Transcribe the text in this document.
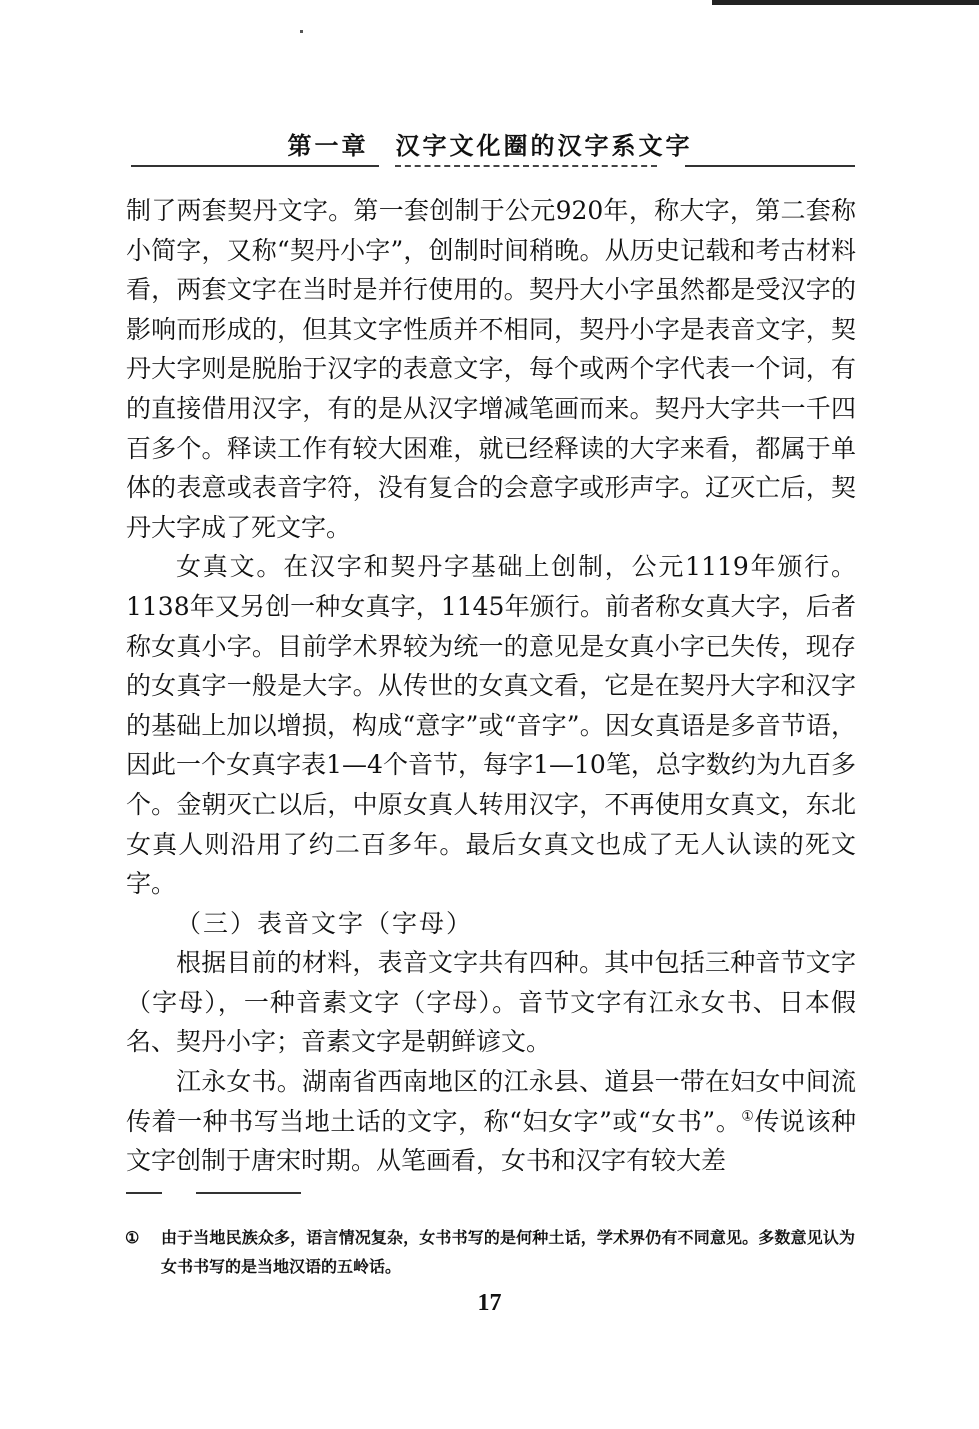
第一章　汉字文化圈的汉字系文字

制了两套契丹文字。第一套创制于公元920年，称大字，第二套称小简字，又称“契丹小字”，创制时间稍晚。从历史记载和考古材料看，两套文字在当时是并行使用的。契丹大小字虽然都是受汉字的影响而形成的，但其文字性质并不相同，契丹小字是表音文字，契丹大字则是脱胎于汉字的表意文字，每个或两个字代表一个词，有的直接借用汉字，有的是从汉字增减笔画而来。契丹大字共一千四百多个。释读工作有较大困难，就已经释读的大字来看，都属于单体的表意或表音字符，没有复合的会意字或形声字。辽灭亡后，契丹大字成了死文字。

女真文。在汉字和契丹字基础上创制，公元1119年颁行。1138年又另创一种女真字，1145年颁行。前者称女真大字，后者称女真小字。目前学术界较为统一的意见是女真小字已失传，现存的女真字一般是大字。从传世的女真文看，它是在契丹大字和汉字的基础上加以增损，构成“意字”或“音字”。因女真语是多音节语，因此一个女真字表1—4个音节，每字1—10笔，总字数约为九百多个。金朝灭亡以后，中原女真人转用汉字，不再使用女真文，东北女真人则沿用了约二百多年。最后女真文也成了无人认读的死文字。

（三）表音文字（字母）

根据目前的材料，表音文字共有四种。其中包括三种音节文字（字母），一种音素文字（字母）。音节文字有江永女书、日本假名、契丹小字；音素文字是朝鲜谚文。

江永女书。湖南省西南地区的江永县、道县一带在妇女中间流传着一种书写当地土话的文字，称“妇女字”或“女书”。①传说该种文字创制于唐宋时期。从笔画看，女书和汉字有较大差

① 由于当地民族众多，语言情况复杂，女书书写的是何种土话，学术界仍有不同意见。多数意见认为女书书写的是当地汉语的五岭话。

17
